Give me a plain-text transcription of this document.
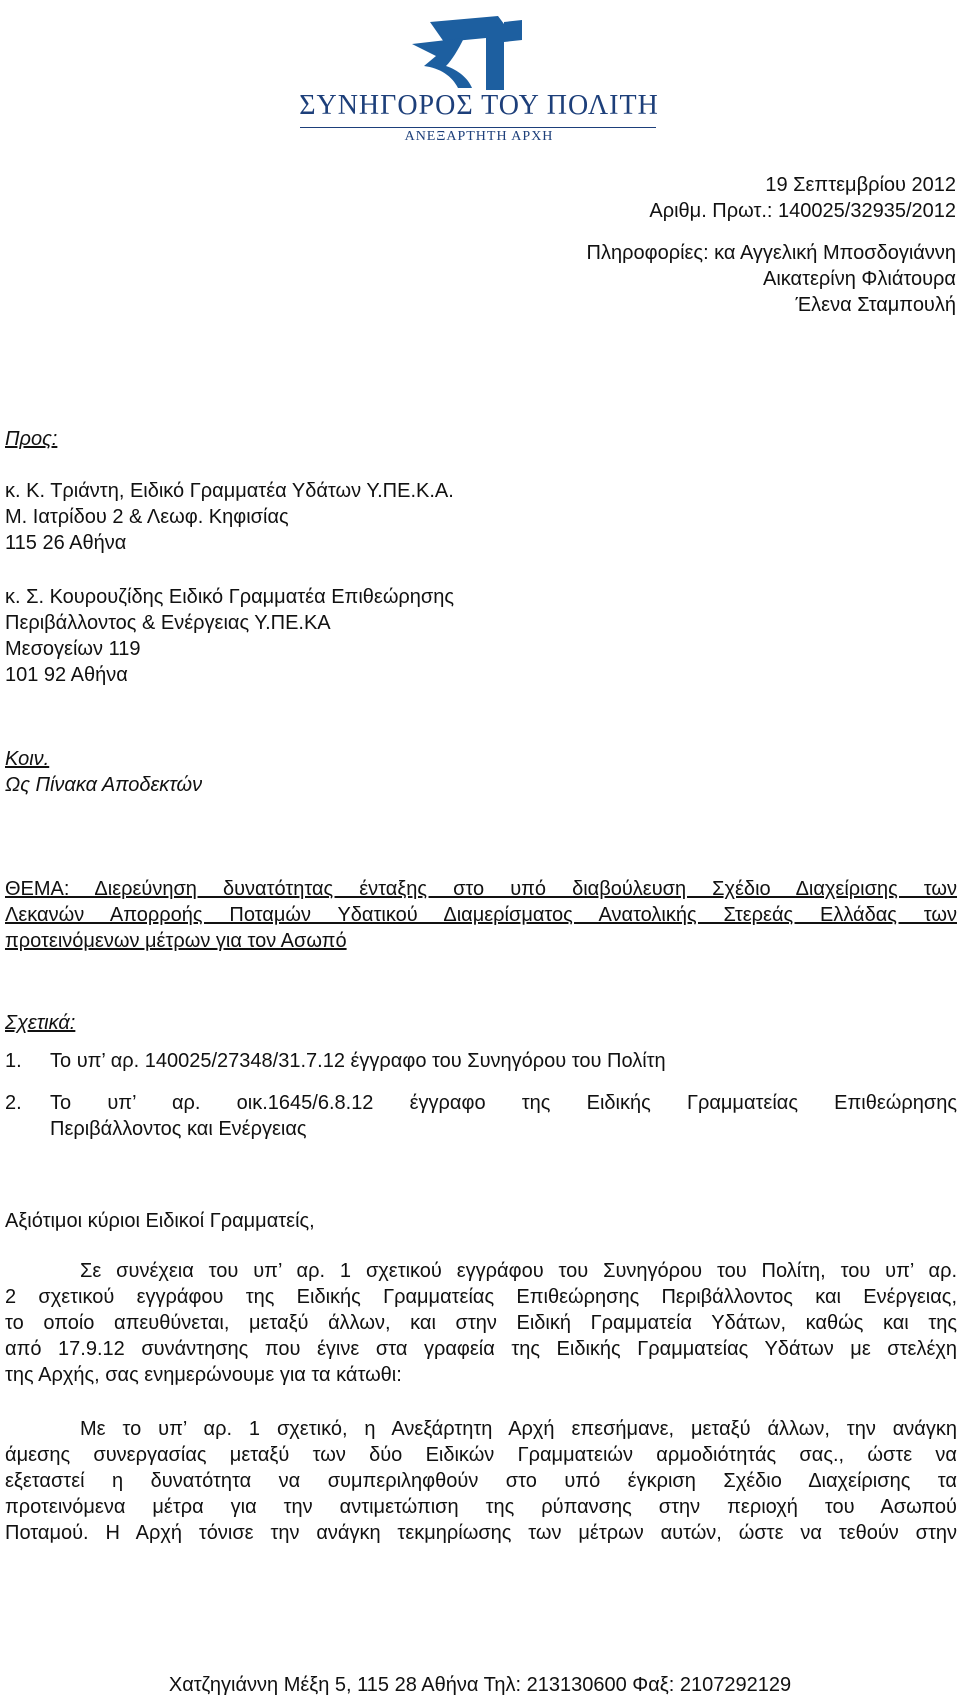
ΣΥΝΗΓΟΡΟΣ ΤΟΥ ΠΟΛΙΤΗ
ΑΝΕΞΑΡΤΗΤΗ ΑΡΧΗ

19 Σεπτεμβρίου 2012

Αριθμ. Πρωτ.: 140025/32935/2012

Πληροφορίες: κα Αγγελική Μποσδογιάννη

Αικατερίνη Φλιάτουρα

Έλενα Σταμπουλή

Προς:

κ. Κ. Τριάντη, Ειδικό Γραμματέα Υδάτων Υ.ΠΕ.Κ.Α.

Μ. Ιατρίδου 2 & Λεωφ. Κηφισίας

115 26 Αθήνα

κ. Σ. Κουρουζίδης Ειδικό Γραμματέα Επιθεώρησης

Περιβάλλοντος & Ενέργειας Υ.ΠΕ.ΚΑ

Μεσογείων 119

101 92 Αθήνα

Κοιν.

Ως Πίνακα Αποδεκτών

ΘΕΜΑ: Διερεύνηση δυνατότητας ένταξης στο υπό διαβούλευση Σχέδιο Διαχείρισης των

Λεκανών Απορροής Ποταμών Υδατικού Διαμερίσματος Ανατολικής Στερεάς Ελλάδας των

προτεινόμενων μέτρων για τον Ασωπό

Σχετικά:

1. Το υπ’ αρ. 140025/27348/31.7.12 έγγραφο του Συνηγόρου του Πολίτη

2. Το υπ’ αρ. οικ.1645/6.8.12 έγγραφο της Ειδικής Γραμματείας Επιθεώρησης

Περιβάλλοντος και Ενέργειας

Αξιότιμοι κύριοι Ειδικοί Γραμματείς,

Σε συνέχεια του υπ’ αρ. 1 σχετικού εγγράφου του Συνηγόρου του Πολίτη, του υπ’ αρ.

2 σχετικού εγγράφου της Ειδικής Γραμματείας Επιθεώρησης Περιβάλλοντος και Ενέργειας,

το οποίο απευθύνεται, μεταξύ άλλων, και στην Ειδική Γραμματεία Υδάτων, καθώς και της

από 17.9.12 συνάντησης που έγινε στα γραφεία της Ειδικής Γραμματείας Υδάτων με στελέχη

της Αρχής, σας ενημερώνουμε για τα κάτωθι:

Με το υπ’ αρ. 1 σχετικό, η Ανεξάρτητη Αρχή επεσήμανε, μεταξύ άλλων, την ανάγκη

άμεσης συνεργασίας μεταξύ των δύο Ειδικών Γραμματειών αρμοδιότητάς σας., ώστε να

εξεταστεί η δυνατότητα να συμπεριληφθούν στο υπό έγκριση Σχέδιο Διαχείρισης τα

προτεινόμενα μέτρα για την αντιμετώπιση της ρύπανσης στην περιοχή του Ασωπού

Ποταμού. Η Αρχή τόνισε την ανάγκη τεκμηρίωσης των μέτρων αυτών, ώστε να τεθούν στην

Χατζηγιάννη Μέξη 5, 115 28 Αθήνα Τηλ: 213130600 Φαξ: 2107292129
